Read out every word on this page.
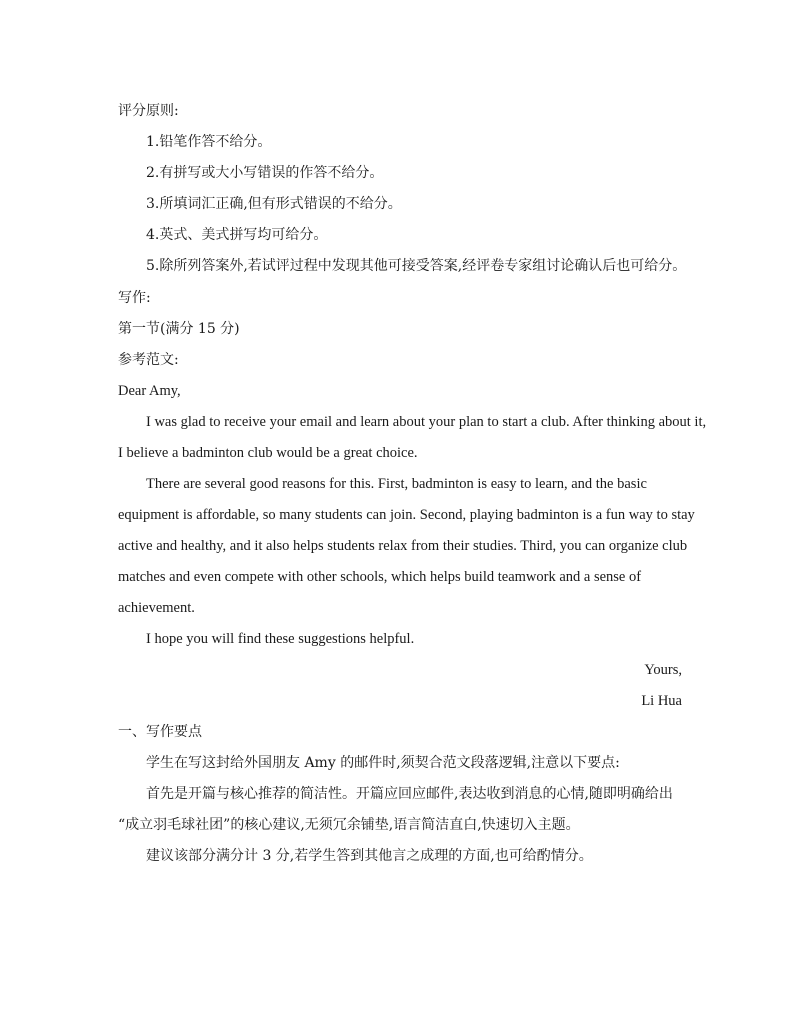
评分原则:
1.铅笔作答不给分。
2.有拼写或大小写错误的作答不给分。
3.所填词汇正确,但有形式错误的不给分。
4.英式、美式拼写均可给分。
5.除所列答案外,若试评过程中发现其他可接受答案,经评卷专家组讨论确认后也可给分。
写作:
第一节(满分 15 分)
参考范文:
Dear Amy,
I was glad to receive your email and learn about your plan to start a club. After thinking about it,
I believe a badminton club would be a great choice.
There are several good reasons for this. First, badminton is easy to learn, and the basic
equipment is affordable, so many students can join. Second, playing badminton is a fun way to stay
active and healthy, and it also helps students relax from their studies. Third, you can organize club
matches and even compete with other schools, which helps build teamwork and a sense of
achievement.
I hope you will find these suggestions helpful.
Yours,
Li Hua
一、写作要点
学生在写这封给外国朋友 Amy 的邮件时,须契合范文段落逻辑,注意以下要点:
首先是开篇与核心推荐的简洁性。开篇应回应邮件,表达收到消息的心情,随即明确给出
“成立羽毛球社团”的核心建议,无须冗余铺垫,语言简洁直白,快速切入主题。
建议该部分满分计 3 分,若学生答到其他言之成理的方面,也可给酌情分。
